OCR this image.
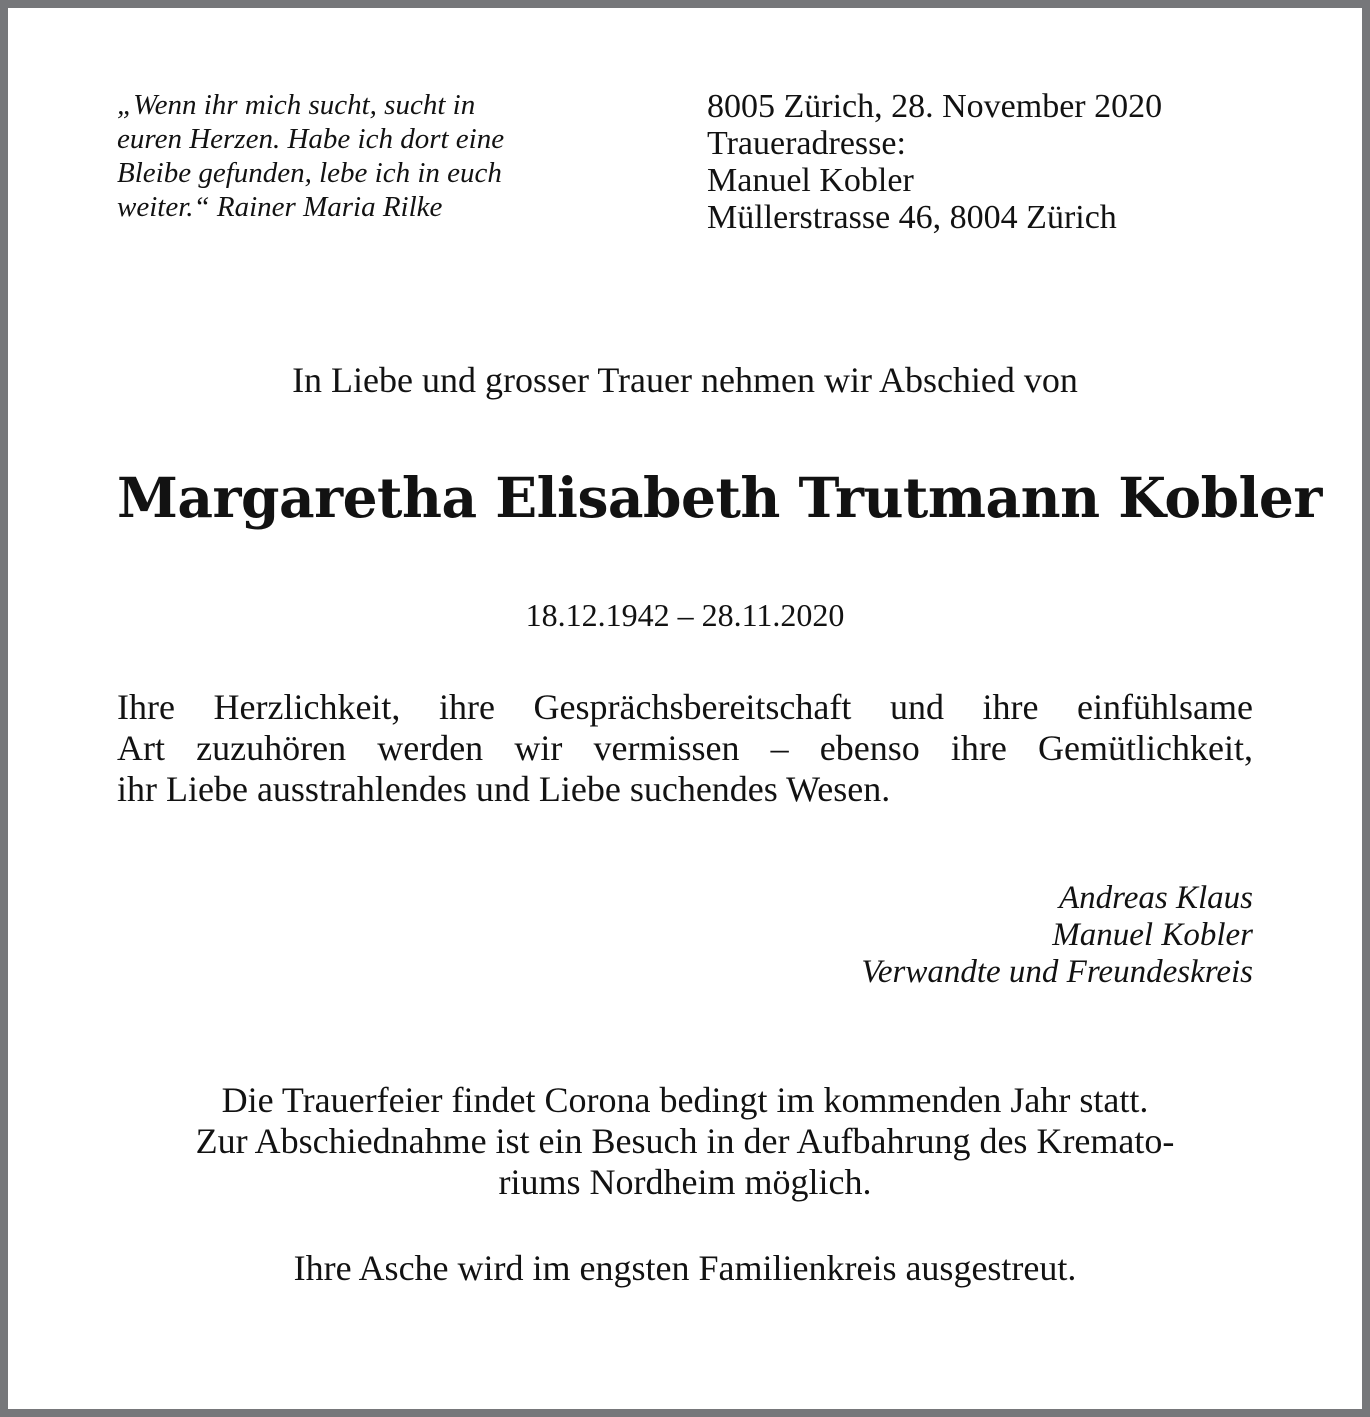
„Wenn ihr mich sucht, sucht in
euren Herzen. Habe ich dort eine
Bleibe gefunden, lebe ich in euch
weiter.“ Rainer Maria Rilke
8005 Zürich, 28. November 2020
Traueradresse:
Manuel Kobler
Müllerstrasse 46, 8004 Zürich
In Liebe und grosser Trauer nehmen wir Abschied von
Margaretha Elisabeth Trutmann Kobler
18.12.1942 – 28.11.2020
Ihre Herzlichkeit, ihre Gesprächsbereitschaft und ihre einfühlsame
Art zuzuhören werden wir vermissen – ebenso ihre Gemütlichkeit,
ihr Liebe ausstrahlendes und Liebe suchendes Wesen.
Andreas Klaus
Manuel Kobler
Verwandte und Freundeskreis
Die Trauerfeier findet Corona bedingt im kommenden Jahr statt.
Zur Abschiednahme ist ein Besuch in der Aufbahrung des Kremato-
riums Nordheim möglich.
Ihre Asche wird im engsten Familienkreis ausgestreut.
